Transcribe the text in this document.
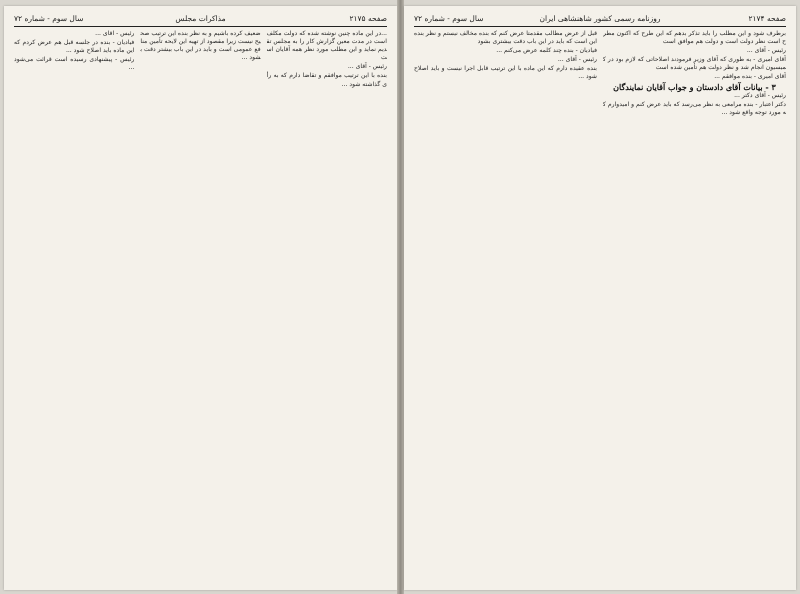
صفحه ۲۱۷۵
مذاکرات مجلس
سال سوم - شماره ۷۲

...در این ماده چنین نوشته شده که دولت مکلف است در مدت معین گزارش کار را به مجلس تقدیم نماید و این مطلب مورد نظر همه آقایان است

رئیس - آقای ...

بنده با این ترتیب موافقم و تقاضا دارم که به رأی گذاشته شود ...

ضعیف کرده باشیم و به نظر بنده این ترتیب صحیح نیست زیرا مقصود از تهیه این لایحه تأمین منافع عمومی است و باید در این باب بیشتر دقت بشود ...

رئیس - آقای ...

فیادیان - بنده در جلسه قبل هم عرض کردم که این ماده باید اصلاح شود ...

رئیس - پیشنهادی رسیده است قرائت می‌شود ...

صفحه ۲۱۷۴
روزنامه رسمی کشور شاهنشاهی ایران
سال سوم - شماره ۷۲

برطرف شود و این مطلب را باید تذکر بدهم که این طرح که اکنون مطرح است نظر دولت است و دولت هم موافق است

رئیس - آقای ...

آقای امیری - به طوری که آقای وزیر فرمودند اصلاحاتی که لازم بود در کمیسیون انجام شد و نظر دولت هم تأمین شده است

آقای امیری - بنده موافقم ...

۳ - بیانات آقای دادستان و جواب آقایان نمایندگان

رئیس - آقای دکتر ...

دکتر اعتبار - بنده مرامعی به نظر می‌رسد که باید عرض کنم و امیدوارم که مورد توجه واقع شود ...

قبل از عرض مطالب مقدمتاً عرض کنم که بنده مخالف نیستم و نظر بنده این است که باید در این باب دقت بیشتری بشود

فیادیان - بنده چند کلمه عرض می‌کنم ...

رئیس - آقای ...

بنده عقیده دارم که این ماده با این ترتیب قابل اجرا نیست و باید اصلاح شود ...
